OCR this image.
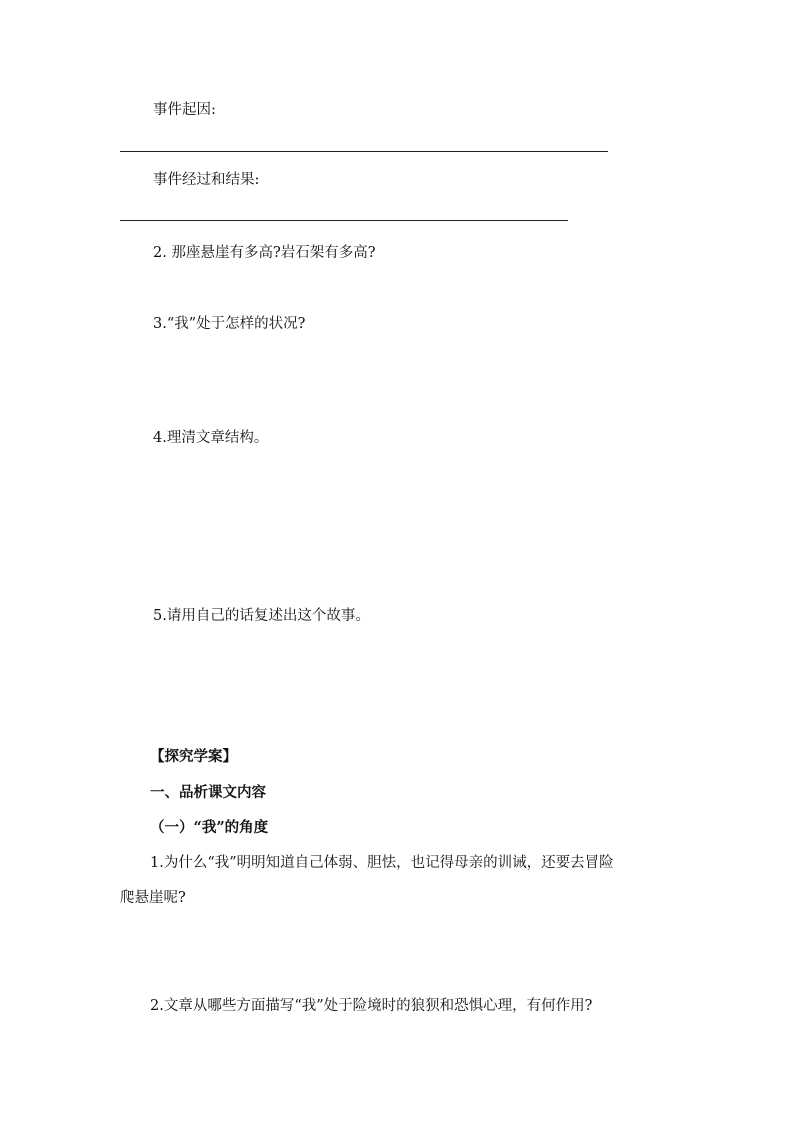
事件起因:
事件经过和结果:
2. 那座悬崖有多高?岩石架有多高?
3.“我”处于怎样的状况?
4.理清文章结构。
5.请用自己的话复述出这个故事。
【探究学案】
一、品析课文内容
（一）“我”的角度
1.为什么“我”明明知道自己体弱、胆怯，也记得母亲的训诫，还要去冒险
爬悬崖呢?
2.文章从哪些方面描写“我”处于险境时的狼狈和恐惧心理，有何作用?
